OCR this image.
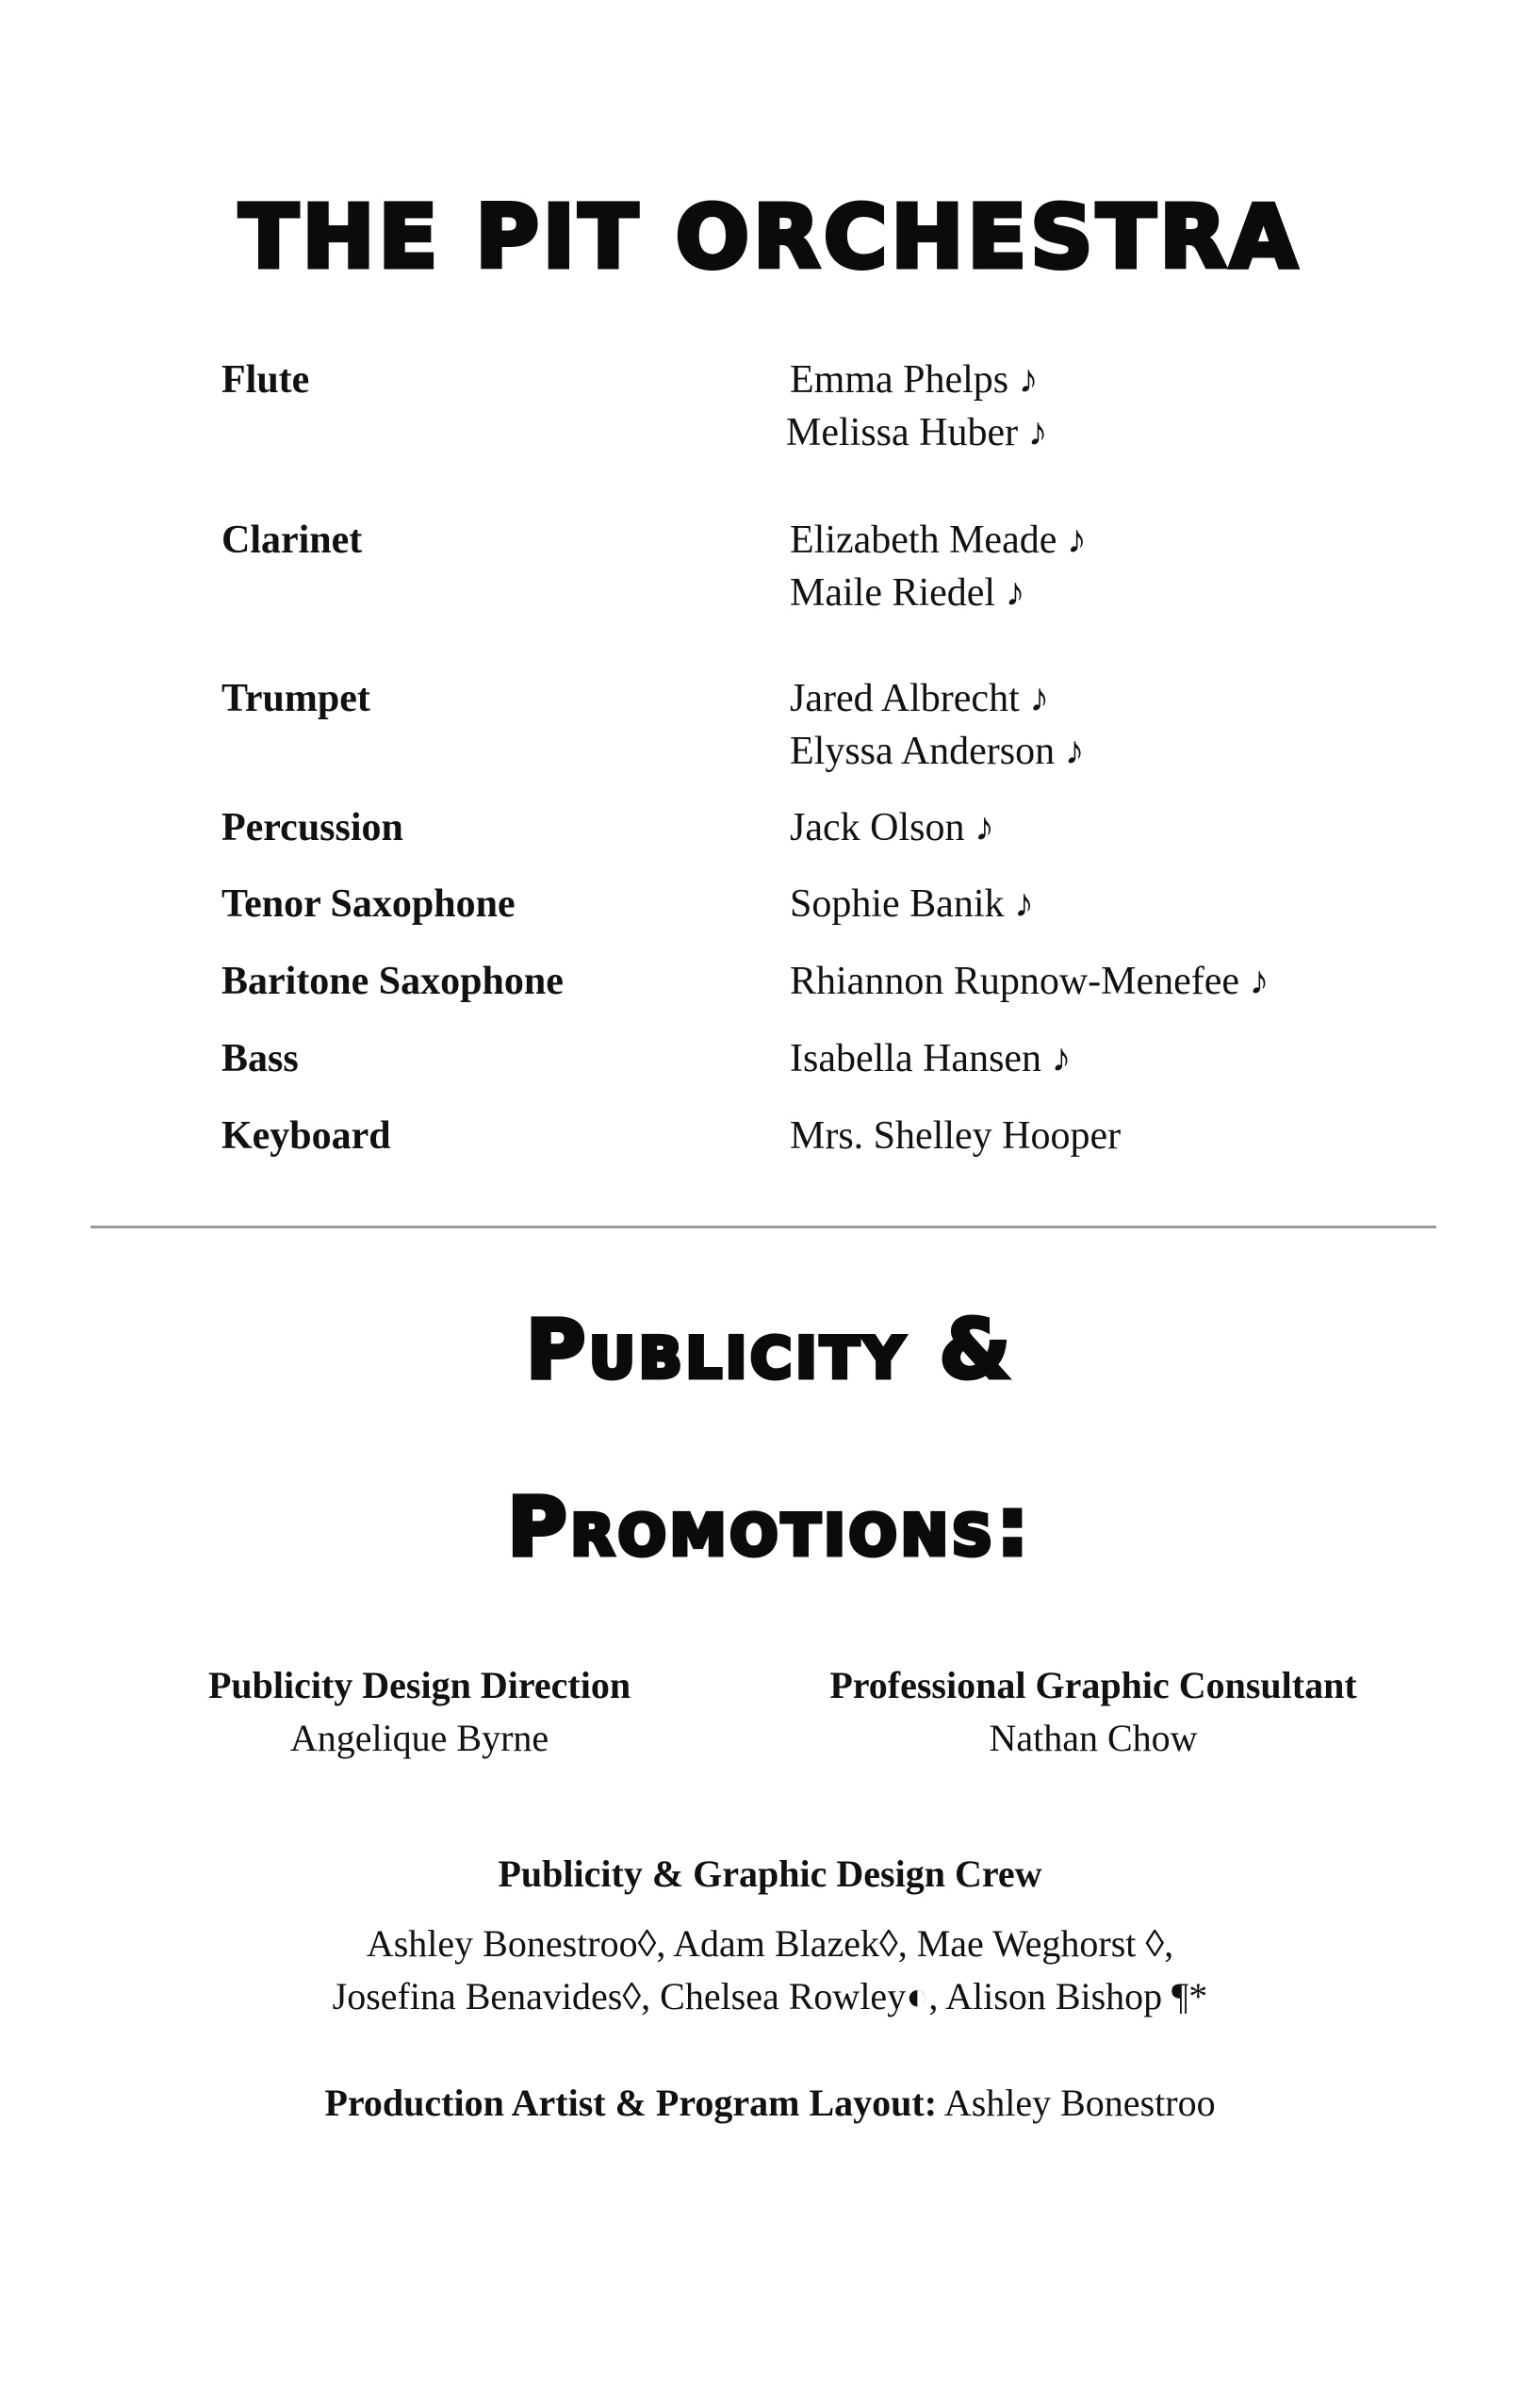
THE PIT ORCHESTRA
Flute	Emma Phelps ♪
Melissa Huber ♪
Clarinet	Elizabeth Meade ♪
Maile Riedel ♪
Trumpet	Jared Albrecht ♪
Elyssa Anderson ♪
Percussion	Jack Olson ♪
Tenor Saxophone	Sophie Banik ♪
Baritone Saxophone	Rhiannon Rupnow-Menefee ♪
Bass	Isabella Hansen ♪
Keyboard	Mrs. Shelley Hooper
Publicity &
Promotions:
Publicity Design Direction
Angelique Byrne
Professional Graphic Consultant
Nathan Chow
Publicity & Graphic Design Crew
Ashley Bonestroo◊, Adam Blazek◊, Mae Weghorst ◊,
Josefina Benavides◊, Chelsea Rowley◐, Alison Bishop ¶*
Production Artist & Program Layout: Ashley Bonestroo
